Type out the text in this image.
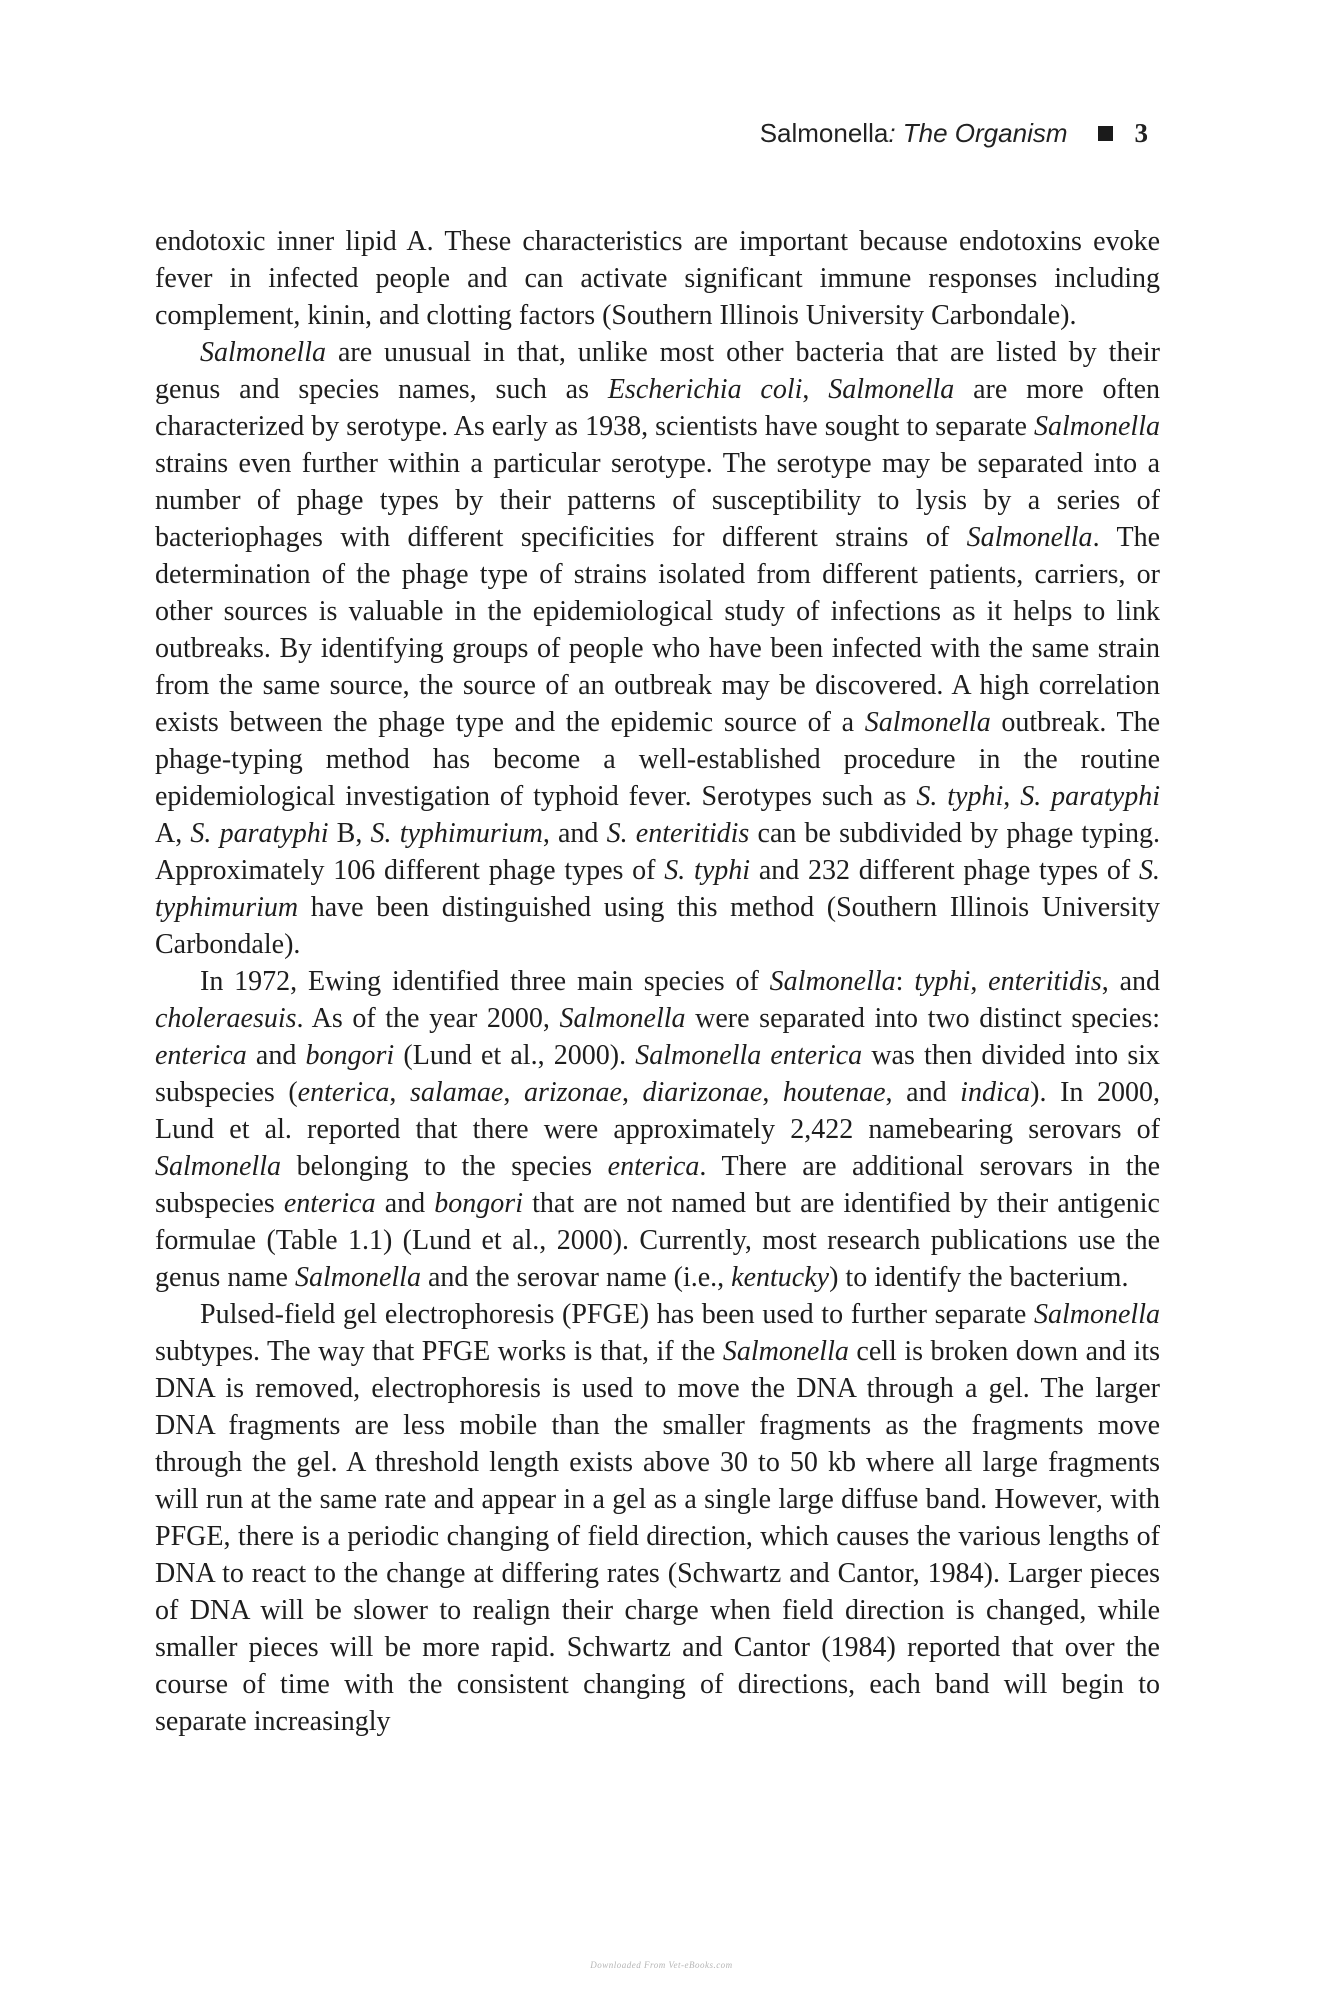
Salmonella: The Organism 3

endotoxic inner lipid A. These characteristics are important because endotoxins evoke fever in infected people and can activate significant immune responses including complement, kinin, and clotting factors (Southern Illinois University Carbondale).

Salmonella are unusual in that, unlike most other bacteria that are listed by their genus and species names, such as Escherichia coli, Salmonella are more often characterized by serotype. As early as 1938, scientists have sought to separate Salmonella strains even further within a particular serotype. The serotype may be separated into a number of phage types by their patterns of susceptibility to lysis by a series of bacteriophages with different specificities for different strains of Salmonella. The determination of the phage type of strains isolated from different patients, carriers, or other sources is valuable in the epidemiological study of infections as it helps to link outbreaks. By identifying groups of people who have been infected with the same strain from the same source, the source of an outbreak may be discovered. A high correlation exists between the phage type and the epidemic source of a Salmonella outbreak. The phage-typing method has become a well-established procedure in the routine epidemiological investigation of typhoid fever. Serotypes such as S. typhi, S. paratyphi A, S. paratyphi B, S. typhimurium, and S. enteritidis can be subdivided by phage typing. Approximately 106 different phage types of S. typhi and 232 different phage types of S. typhimurium have been distinguished using this method (Southern Illinois University Carbondale).

In 1972, Ewing identified three main species of Salmonella: typhi, enteritidis, and choleraesuis. As of the year 2000, Salmonella were separated into two distinct species: enterica and bongori (Lund et al., 2000). Salmonella enterica was then divided into six subspecies (enterica, salamae, arizonae, diarizonae, houtenae, and indica). In 2000, Lund et al. reported that there were approximately 2,422 namebearing serovars of Salmonella belonging to the species enterica. There are additional serovars in the subspecies enterica and bongori that are not named but are identified by their antigenic formulae (Table 1.1) (Lund et al., 2000). Currently, most research publications use the genus name Salmonella and the serovar name (i.e., kentucky) to identify the bacterium.

Pulsed-field gel electrophoresis (PFGE) has been used to further separate Salmonella subtypes. The way that PFGE works is that, if the Salmonella cell is broken down and its DNA is removed, electrophoresis is used to move the DNA through a gel. The larger DNA fragments are less mobile than the smaller fragments as the fragments move through the gel. A threshold length exists above 30 to 50 kb where all large fragments will run at the same rate and appear in a gel as a single large diffuse band. However, with PFGE, there is a periodic changing of field direction, which causes the various lengths of DNA to react to the change at differing rates (Schwartz and Cantor, 1984). Larger pieces of DNA will be slower to realign their charge when field direction is changed, while smaller pieces will be more rapid. Schwartz and Cantor (1984) reported that over the course of time with the consistent changing of directions, each band will begin to separate increasingly

Downloaded From Vet-eBooks.com
